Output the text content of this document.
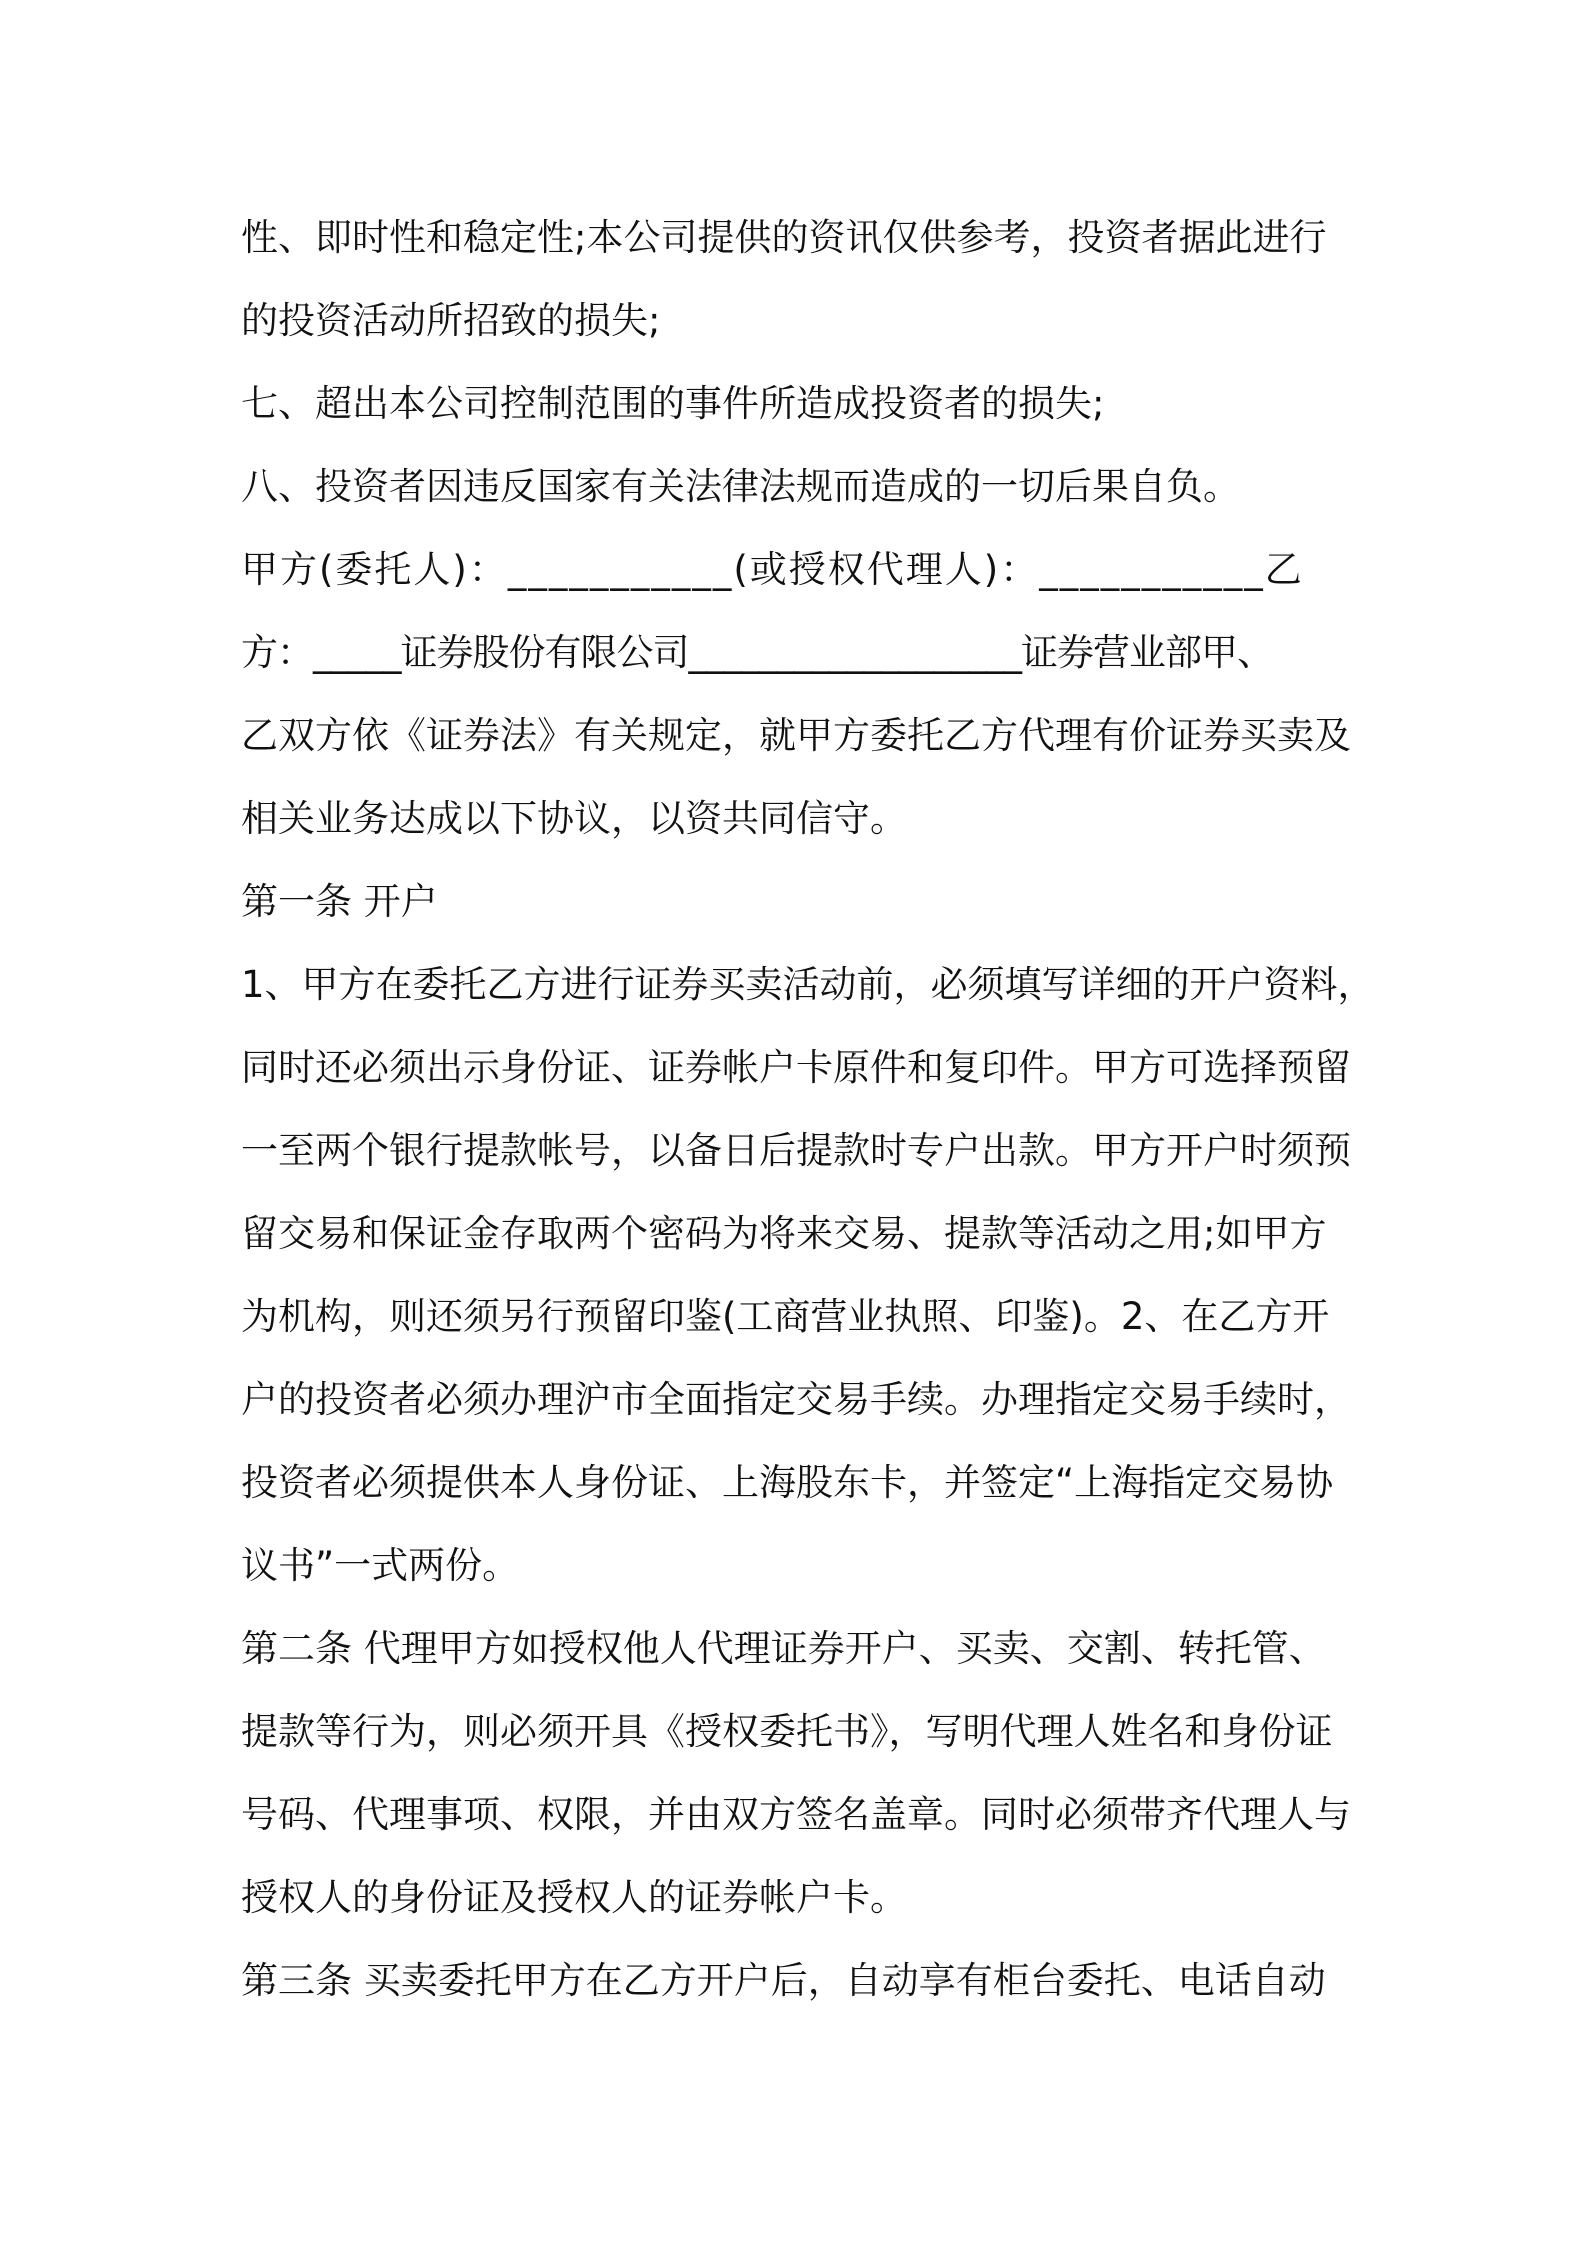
性、即时性和稳定性;本公司提供的资讯仅供参考，投资者据此进行
的投资活动所招致的损失;
七、超出本公司控制范围的事件所造成投资者的损失;
八、投资者因违反国家有关法律法规而造成的一切后果自负。
甲方(委托人)：___________(或授权代理人)：___________乙
方：_____证券股份有限公司___________________证券营业部甲、
乙双方依《证券法》有关规定，就甲方委托乙方代理有价证券买卖及
相关业务达成以下协议，以资共同信守。
第一条 开户
1、甲方在委托乙方进行证券买卖活动前，必须填写详细的开户资料，
同时还必须出示身份证、证券帐户卡原件和复印件。甲方可选择预留
一至两个银行提款帐号，以备日后提款时专户出款。甲方开户时须预
留交易和保证金存取两个密码为将来交易、提款等活动之用;如甲方
为机构，则还须另行预留印鉴(工商营业执照、印鉴)。2、在乙方开
户的投资者必须办理沪市全面指定交易手续。办理指定交易手续时，
投资者必须提供本人身份证、上海股东卡，并签定“上海指定交易协
议书”一式两份。
第二条 代理甲方如授权他人代理证券开户、买卖、交割、转托管、
提款等行为，则必须开具《授权委托书》，写明代理人姓名和身份证
号码、代理事项、权限，并由双方签名盖章。同时必须带齐代理人与
授权人的身份证及授权人的证券帐户卡。
第三条 买卖委托甲方在乙方开户后，自动享有柜台委托、电话自动
